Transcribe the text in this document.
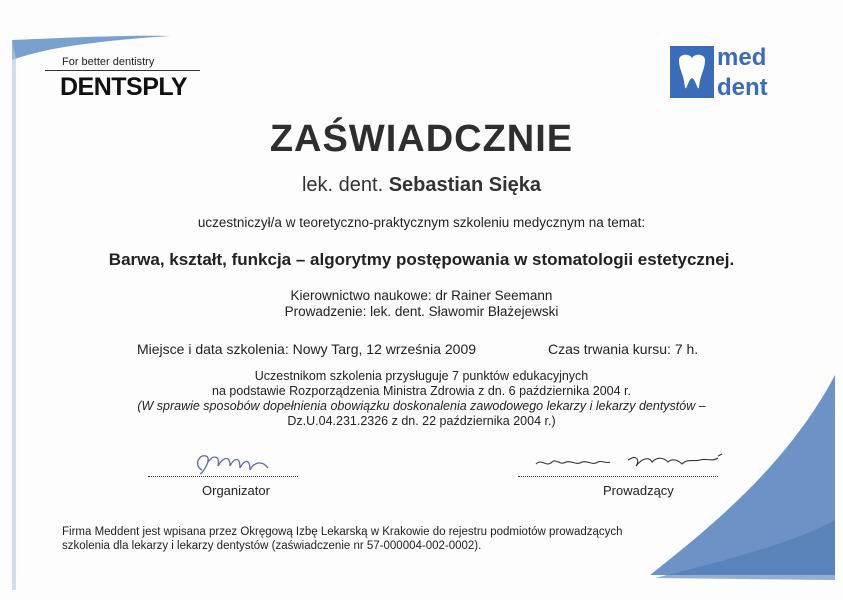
For better dentistry
DENTSPLY
med
dent
ZAŚWIADCZNIE
lek. dent. Sebastian Sięka
uczestniczył/a w teoretyczno-praktycznym szkoleniu medycznym na temat:
Barwa, kształt, funkcja – algorytmy postępowania w stomatologii estetycznej.
Kierownictwo naukowe: dr Rainer Seemann
Prowadzenie: lek. dent. Sławomir Błażejewski
Miejsce i data szkolenia: Nowy Targ, 12 września 2009	Czas trwania kursu: 7 h.
Uczestnikom szkolenia przysługuje 7 punktów edukacyjnych
na podstawie Rozporządzenia Ministra Zdrowia z dn. 6 października 2004 r.
(W sprawie sposobów dopełnienia obowiązku doskonalenia zawodowego lekarzy i lekarzy dentystów –
Dz.U.04.231.2326 z dn. 22 października 2004 r.)
Organizator	Prowadzący
Firma Meddent jest wpisana przez Okręgową Izbę Lekarską w Krakowie do rejestru podmiotów prowadzących
szkolenia dla lekarzy i lekarzy dentystów (zaświadczenie nr 57-000004-002-0002).
